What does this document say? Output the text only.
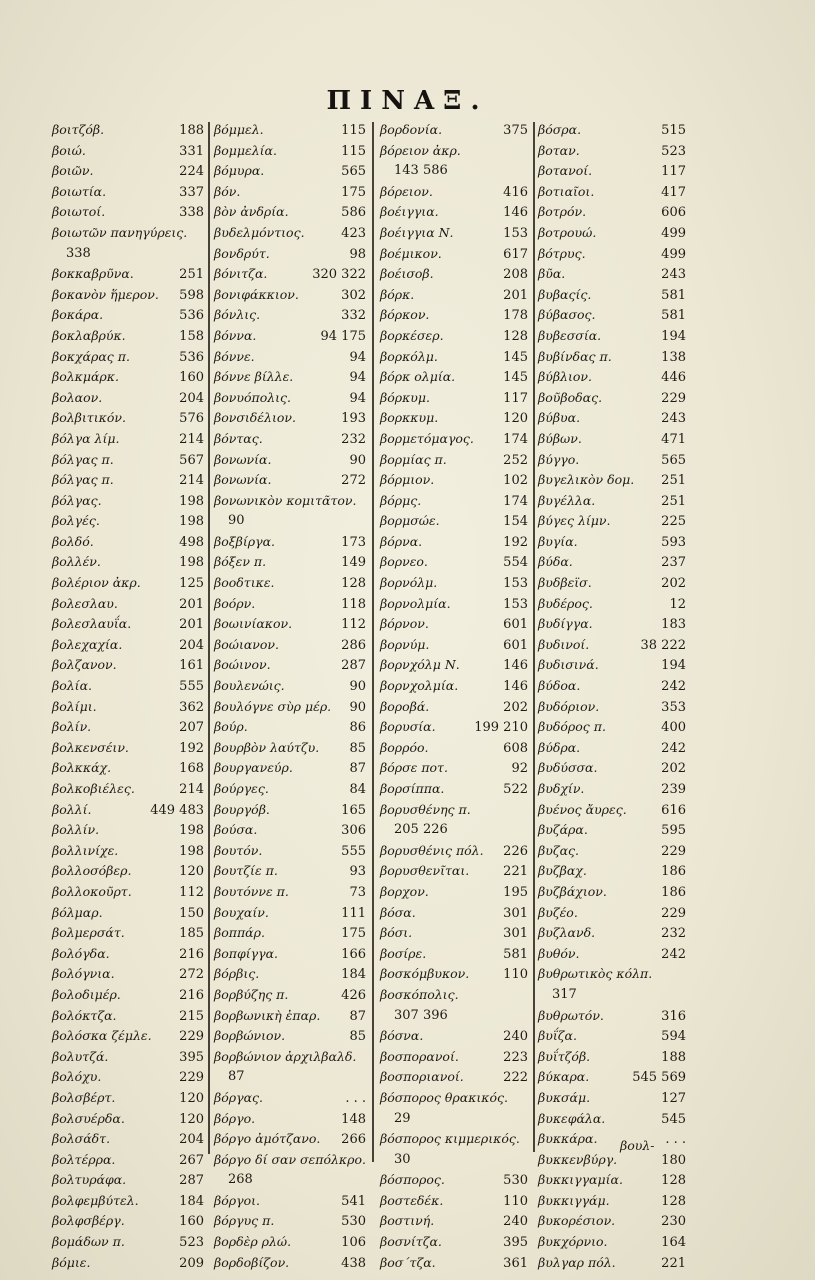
ΠΙΝΑΞ.
βοιτζόβ.	188
βοιώ.	331
βοιῶν.	224
βοιωτία.	337
βοιωτοί.	338
βοιωτῶν πανηγύρεις.
338
βοκκαβρῦνα.	251
βοκανὸν ἥμερον.	598
βοκάρα.	536
βοκλαβρύκ.	158
βοκχάρας π.	536
βολκμάρκ.	160
βολαον.	204
βολβιτικόν.	576
βόλγα λίμ.	214
βόλγας π.	567
βόλγας π.	214
βόλγας.	198
βολγές.	198
βολδό.	498
βολλέν.	198
βολέριον ἀκρ.	125
βολεσλαυ.	201
βολεσλαυΐα.	201
βολεχαχία.	204
βολζανον.	161
βολία.	555
βολίμι.	362
βολίν.	207
βολκενσέιν.	192
βολκκάχ.	168
βολκοβιέλες.	214
βολλί.	449 483
βολλίν.	198
βολλινίχε.	198
βολλοσόβερ.	120
βολλοκοῦρτ.	112
βόλμαρ.	150
βολμερσάτ.	185
βολόγδα.	216
βολόγνια.	272
βολοδιμέρ.	216
βολόκτζα.	215
βολόσκα ζέμλε.	229
βολυτζά.	395
βολόχυ.	229
βολσβέρτ.	120
βολσυέρδα.	120
βολσάδτ.	204
βολτέρρα.	267
βολτυράφα.	287
βολφεμβύτελ.	184
βολφσβέργ.	160
βομάδων π.	523
βόμιε.	209
βόμμελ.	115
βομμελία.	115
βόμυρα.	565
βόν.	175
βὸν ἀνδρία.	586
βυδελμόντιος.	423
βονδρύτ.	98
βόνιτζα.	320 322
βονιφάκκιον.	302
βόνλις.	332
βόννα.	94 175
βόννε.	94
βόννε βίλλε.	94
βονυόπολις.	94
βονσιδέλιον.	193
βόντας.	232
βονωνία.	90
βονωνία.	272
βονωνικὸν κομιτᾶτον.
90
βοξβίργα.	173
βόξεν π.	149
βοοδτικε.	128
βοόρν.	118
βοωινίακον.	112
βοώιανον.	286
βοώινον.	287
βουλενώις.	90
βουλόγνε σὺρ μέρ.	90
βούρ.	86
βουρβὸν λαύτζυ.	85
βουργανεύρ.	87
βούργες.	84
βουργόβ.	165
βούσα.	306
βουτόν.	555
βουτζίε π.	93
βουτόννε π.	73
βουχαίν.	111
βοππάρ.	175
βοπφίγγα.	166
βόρβις.	184
βορβύζης π.	426
βορβωνικὴ ἐπαρ.	87
βορβώνιον.	85
βορβώνιον ἀρχιλβαλδ.
87
βόργας.	. . .
βόργο.	148
βόργο ἀμότζανο.	266
βόργο δί σαν σεπόλκρο.
268
βόργοι.	541
βόργυς π.	530
βορδὲρ ρλώ.	106
βορδοβίζον.	438
βορδονία.	375
βόρειον ἀκρ.
143 586
βόρειον.	416
βοέιγγια.	146
βοέιγγια Ν.	153
βοέμικον.	617
βοέισοβ.	208
βόρκ.	201
βόρκον.	178
βορκέσερ.	128
βορκόλμ.	145
βόρκ ολμία.	145
βόρκυμ.	117
βορκκυμ.	120
βορμετόμαγος.	174
βορμίας π.	252
βόρμιον.	102
βόρμς.	174
βορμσώε.	154
βόρνα.	192
βορνεο.	554
βορνόλμ.	153
βορνολμία.	153
βόρνον.	601
βορνύμ.	601
βορνχόλμ Ν.	146
βορνχολμία.	146
βοροβά.	202
βορυσία.	199 210
βορρόο.	608
βόρσε ποτ.	92
βορσίππα.	522
βορυσθένης π.
205 226
βορυσθένις πόλ.	226
βορυσθενῖται.	221
βορχον.	195
βόσα.	301
βόσι.	301
βοσίρε.	581
βοσκόμβυκον.	110
βοσκόπολις.
307 396
βόσνα.	240
βοσπορανοί.	223
βοσποριανοί.	222
βόσπορος θρακικός.
29
βόσπορος κιμμερικός.
30
βόσπορος.	530
βοστεδέκ.	110
βοστινή.	240
βοσνίτζα.	395
βοσ΄τζα.	361
βόσρα.	515
βοταν.	523
βοτανοί.	117
βοτιαῖοι.	417
βοτρόν.	606
βοτρουώ.	499
βότρυς.	499
βῦα.	243
βυβαςίς.	581
βύβασος.	581
βυβεσσία.	194
βυβίνδας π.	138
βύβλιον.	446
βοῦβοδας.	229
βύβυα.	243
βύβων.	471
βύγγο.	565
βυγελικὸν δομ.	251
βυγέλλα.	251
βύγες λίμν.	225
βυγία.	593
βύδα.	237
βυδβεϊσ.	202
βυδέρος.	12
βυδίγγα.	183
βυδινοί.	38 222
βυδισινά.	194
βύδοα.	242
βυδόριον.	353
βυδόρος π.	400
βύδρα.	242
βυδύσσα.	202
βυδχίν.	239
βυένος ἄυρες.	616
βυζάρα.	595
βυζας.	229
βυζβαχ.	186
βυζβάχιον.	186
βυζέο.	229
βυζλανδ.	232
βυθόν.	242
βυθρωτικὸς κόλπ.
317
βυθρωτόν.	316
βυΐζα.	594
βυΐτζόβ.	188
βύκαρα.	545 569
βυκσάμ.	127
βυκεφάλα.	545
βυκκάρα.	. . .
βυκκενβύργ.	180
βυκκιγγαμία.	128
βυκκιγγάμ.	128
βυκορέσιον.	230
βυκχόρνιο.	164
βυλγαρ πόλ.	221
βουλ-
